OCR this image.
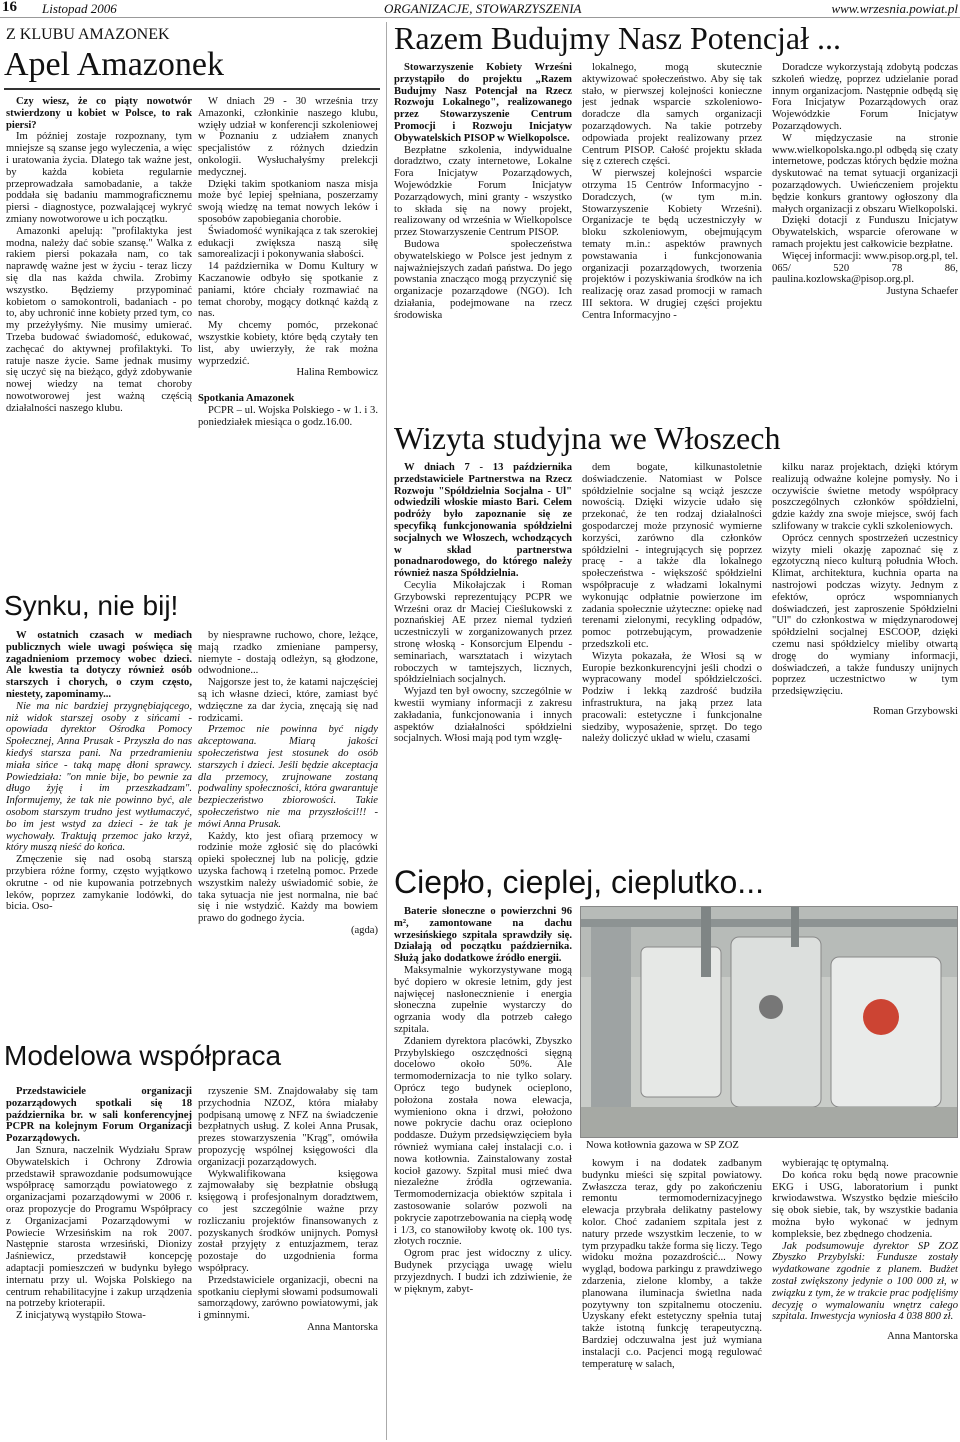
16 Listopad 2006	ORGANIZACJE, STOWARZYSZENIA	www.wrzesnia.powiat.pl
Z KLUBU AMAZONEK
Apel Amazonek

Czy wiesz, że co piąty nowotwór stwierdzony u kobiet w Polsce, to rak piersi?

Im później zostaje rozpoznany, tym mniejsze są szanse jego wyleczenia, a więc i uratowania życia. Dlatego tak ważne jest, by każda kobieta regularnie przeprowadzała samobadanie, a także poddała się badaniu mammograficznemu piersi - diagnostyce, pozwalającej wykryć zmiany nowotworowe u ich początku.

Amazonki apelują: "profilaktyka jest modna, należy dać sobie szansę." Walka z rakiem piersi pokazała nam, co tak naprawdę ważne jest w życiu - teraz liczy się dla nas każda chwila. Zrobimy wszystko. Będziemy przypominać kobietom o samokontroli, badaniach - po to, aby uchronić inne kobiety przed tym, co my przeżyłyśmy. Nie musimy umierać. Trzeba budować świadomość, edukować, zachęcać do aktywnej profilaktyki. To ratuje nasze życie. Same jednak musimy się uczyć się na bieżąco, gdyż zdobywanie nowej wiedzy na temat choroby nowotworowej jest ważną częścią działalności naszego klubu.

W dniach 29 - 30 września trzy Amazonki, członkinie naszego klubu, wzięły udział w konferencji szkoleniowej w Poznaniu z udziałem znanych specjalistów z różnych dziedzin onkologii. Wysłuchałyśmy prelekcji medycznej.

Dzięki takim spotkaniom nasza misja może być lepiej spełniana, poszerzamy swoją wiedzę na temat nowych leków i sposobów zapobiegania chorobie.

Świadomość wynikająca z tak szerokiej edukacji zwiększa naszą siłę samorealizacji i pokonywania słabości.

14 października w Domu Kultury w Kaczanowie odbyło się spotkanie z paniami, które chciały rozmawiać na temat choroby, mogący dotknąć każdą z nas.

My chcemy pomóc, przekonać wszystkie kobiety, które będą czytały ten list, aby uwierzyły, że rak można wyprzedzić.

Halina Rembowicz

Spotkania Amazonek

PCPR – ul. Wojska Polskiego - w 1. i 3. poniedziałek miesiąca o godz.16.00.

Synku, nie bij!

W ostatnich czasach w mediach publicznych wiele uwagi poświęca się zagadnieniom przemocy wobec dzieci. Ale kwestia ta dotyczy również osób starszych i chorych, o czym często, niestety, zapominamy...

Nie ma nic bardziej przygnębiającego, niż widok starszej osoby z sińcami - opowiada dyrektor Ośrodka Pomocy Społecznej, Anna Prusak - Przyszła do nas kiedyś starsza pani. Na przedramieniu miała sińce - taką mapę dłoni sprawcy. Powiedziała: "on mnie bije, bo pewnie za długo żyję i im przeszkadzam". Informujemy, że tak nie powinno być, ale osobom starszym trudno jest wytłumaczyć, bo im jest wstyd za dzieci - że tak je wychowały. Traktują przemoc jako krzyż, który muszą nieść do końca.

Zmęczenie się nad osobą starszą przybiera różne formy, często wyjątkowo okrutne - od nie kupowania potrzebnych leków, poprzez zamykanie lodówki, do bicia. Oso-

by niesprawne ruchowo, chore, leżące, mają rzadko zmieniane pampersy, niemyte - dostają odleżyn, są głodzone, odwodnione...

Najgorsze jest to, że katami najczęściej są ich własne dzieci, które, zamiast być wdzięczne za dar życia, znęcają się nad rodzicami.

Przemoc nie powinna być nigdy akceptowana. Miarą jakości społeczeństwa jest stosunek do osób starszych i dzieci. Jeśli będzie akceptacja dla przemocy, zrujnowane zostaną podwaliny społeczności, która gwarantuje bezpieczeństwo zbiorowości. Takie społeczeństwo nie ma przyszłości!!! - mówi Anna Prusak.

Każdy, kto jest ofiarą przemocy w rodzinie może zgłosić się do placówki opieki społecznej lub na policję, gdzie uzyska fachową i rzetelną pomoc. Przede wszystkim należy uświadomić sobie, że taka sytuacja nie jest normalna, nie bać się i nie wstydzić. Każdy ma bowiem prawo do godnego życia.

(agda)

Modelowa współpraca

Przedstawiciele organizacji pozarządowych spotkali się 18 października br. w sali konferencyjnej PCPR na kolejnym Forum Organizacji Pozarządowych.

Jan Sznura, naczelnik Wydziału Spraw Obywatelskich i Ochrony Zdrowia przedstawił sprawozdanie podsumowujące współpracę samorządu powiatowego z organizacjami pozarządowymi w 2006 r. oraz propozycje do Programu Współpracy z Organizacjami Pozarządowymi w Powiecie Wrzesińskim na rok 2007. Następnie starosta wrzesiński, Dionizy Jaśniewicz, przedstawił koncepcję adaptacji pomieszczeń w budynku byłego internatu przy ul. Wojska Polskiego na centrum rehabilitacyjne i zakup urządzenia na potrzeby krioterapii.

Z inicjatywą wystąpiło Stowa-

rzyszenie SM. Znajdowałaby się tam przychodnia NZOZ, która miałaby podpisaną umowę z NFZ na świadczenie bezpłatnych usług. Z kolei Anna Prusak, prezes stowarzyszenia "Krąg", omówiła propozycję wspólnej księgowości dla organizacji pozarządowych.

Wykwalifikowana księgowa zajmowałaby się bezpłatnie obsługą księgową i profesjonalnym doradztwem, co jest szczególnie ważne przy rozliczaniu projektów finansowanych z pozyskanych środków unijnych. Pomysł został przyjęty z entuzjazmem, teraz pozostaje do uzgodnienia forma współpracy.

Przedstawiciele organizacji, obecni na spotkaniu ciepłymi słowami podsumowali samorządowy, zarówno powiatowymi, jak i gminnymi.

Anna Mantorska

Razem Budujmy Nasz Potencjał ...

Stowarzyszenie Kobiety Wrześni przystąpiło do projektu „Razem Budujmy Nasz Potencjał na Rzecz Rozwoju Lokalnego", realizowanego przez Stowarzyszenie Centrum Promocji i Rozwoju Inicjatyw Obywatelskich PISOP w Wielkopolsce.

Bezpłatne szkolenia, indywidualne doradztwo, czaty internetowe, Lokalne Fora Inicjatyw Pozarządowych, Wojewódzkie Forum Inicjatyw Pozarządowych, mini granty - wszystko to składa się na nowy projekt, realizowany od września w Wielkopolsce przez Stowarzyszenie Centrum PISOP.

Budowa społeczeństwa obywatelskiego w Polsce jest jednym z najważniejszych zadań państwa. Do jego powstania znacząco mogą przyczynić się organizacje pozarządowe (NGO). Ich działania, podejmowane na rzecz środowiska

lokalnego, mogą skutecznie aktywizować społeczeństwo. Aby się tak stało, w pierwszej kolejności konieczne jest jednak wsparcie szkoleniowo- doradcze dla samych organizacji pozarządowych. Na takie potrzeby odpowiada projekt realizowany przez Centrum PISOP. Całość projektu składa się z czterech części.

W pierwszej kolejności wsparcie otrzyma 15 Centrów Informacyjno - Doradczych, (w tym m.in. Stowarzyszenie Kobiety Wrześni). Organizacje te będą uczestniczyły w bloku szkoleniowym, obejmującym tematy m.in.: aspektów prawnych powstawania i funkcjonowania organizacji pozarządowych, tworzenia projektów i pozyskiwania środków na ich realizację oraz zasad promocji w ramach III sektora. W drugiej części projektu Centra Informacyjno -

Doradcze wykorzystają zdobytą podczas szkoleń wiedzę, poprzez udzielanie porad innym organizacjom. Następnie odbędą się Fora Inicjatyw Pozarządowych oraz Wojewódzkie Forum Inicjatyw Pozarządowych.

W międzyczasie na stronie www.wielkopolska.ngo.pl odbędą się czaty internetowe, podczas których będzie można dyskutować na temat sytuacji organizacji pozarządowych. Uwieńczeniem projektu będzie konkurs grantowy ogłoszony dla małych organizacji z obszaru Wielkopolski.

Dzięki dotacji z Funduszu Inicjatyw Obywatelskich, wsparcie oferowane w ramach projektu jest całkowicie bezpłatne.

Więcej informacji: www.pisop.org.pl, tel. 065/ 520 78 86, paulina.kozlowska@pisop.org.pl.

Justyna Schaefer

Wizyta studyjna we Włoszech

W dniach 7 - 13 października przedstawiciele Partnerstwa na Rzecz Rozwoju "Spółdzielnia Socjalna - Ul" odwiedzili włoskie miasto Bari. Celem podróży było zapoznanie się ze specyfiką funkcjonowania spółdzielni socjalnych we Włoszech, wchodzących w skład partnerstwa ponadnarodowego, do którego należy również nasza Spółdzielnia.

Cecylia Mikołajczak i Roman Grzybowski reprezentujący PCPR we Wrześni oraz dr Maciej Cieślukowski z poznańskiej AE przez niemal tydzień uczestniczyli w zorganizowanych przez stronę włoską - Konsorcjum Elpendu - seminariach, warsztatach i wizytach roboczych w tamtejszych, licznych, spółdzielniach socjalnych.

Wyjazd ten był owocny, szczególnie w kwestii wymiany informacji z zakresu zakładania, funkcjonowania i innych aspektów działalności spółdzielni socjalnych. Włosi mają pod tym wzglę-

dem bogate, kilkunastoletnie doświadczenie. Natomiast w Polsce spółdzielnie socjalne są wciąż jeszcze nowością. Dzięki wizycie udało się przekonać, że ten rodzaj działalności gospodarczej może przynosić wymierne korzyści, zarówno dla członków spółdzielni - integrujących się poprzez pracę - a także dla lokalnego społeczeństwa - większość spółdzielni współpracuje z władzami lokalnymi wykonując odpłatnie powierzone im zadania społecznie użyteczne: opiekę nad terenami zielonymi, recykling odpadów, pomoc potrzebującym, prowadzenie przedszkoli etc.

Wizyta pokazała, że Włosi są w Europie bezkonkurencyjni jeśli chodzi o wypracowany model spółdzielczości. Podziw i lekką zazdrość budziła infrastruktura, na jaką przez lata pracowali: estetyczne i funkcjonalne siedziby, wyposażenie, sprzęt. Do tego należy doliczyć układ w wielu, czasami

kilku naraz projektach, dzięki którym realizują odważne kolejne pomysły. No i oczywiście świetne metody współpracy poszczególnych członków spółdzielni, gdzie każdy zna swoje miejsce, swój fach szlifowany w trakcie cykli szkoleniowych.

Oprócz cennych spostrzeżeń uczestnicy wizyty mieli okazję zapoznać się z egzotyczną nieco kulturą południa Włoch. Klimat, architektura, kuchnia oparta na nastrojowi podczas wizyty. Jednym z efektów, oprócz wspomnianych doświadczeń, jest zaproszenie Spółdzielni "Ul" do członkostwa w międzynarodowej spółdzielni socjalnej ESCOOP, dzięki czemu nasi spółdzielcy mieliby otwartą drogę do wymiany informacji, doświadczeń, a także funduszy unijnych poprzez uczestnictwo w tym przedsięwzięciu.

Roman Grzybowski

Ciepło, cieplej, cieplutko...
Nowa kotłownia gazowa w SP ZOZ

Baterie słoneczne o powierzchni 96 m², zamontowane na dachu wrzesińskiego szpitala sprawdziły się. Działają od początku października. Służą jako dodatkowe źródło energii.

Maksymalnie wykorzystywane mogą być dopiero w okresie letnim, gdy jest najwięcej nasłonecznienie i energia słoneczna zupełnie wystarczy do ogrzania wody dla potrzeb całego szpitala.

Zdaniem dyrektora placówki, Zbyszko Przybylskiego oszczędności sięgną docelowo około 50%. Ale termomodernizacja to nie tylko solary. Oprócz tego budynek ocieplono, położona została nowa elewacja, wymieniono okna i drzwi, położono nowe pokrycie dachu oraz ocieplono poddasze. Dużym przedsięwzięciem była również wymiana całej instalacji c.o. i nowa kotłownia. Zainstalowany został kocioł gazowy. Szpital musi mieć dwa niezależne źródła ogrzewania. Termomodernizacja obiektów szpitala i zastosowanie solarów pozwoli na pokrycie zapotrzebowania na ciepłą wodę i 1/3, co stanowiłoby kwotę ok. 100 tys. złotych rocznie.

Ogrom prac jest widoczny z ulicy. Budynek przyciąga uwagę wielu przyjezdnych. I budzi ich zdziwienie, że w pięknym, zabyt-

kowym i na dodatek zadbanym budynku mieści się szpital powiatowy. Zwłaszcza teraz, gdy po zakończeniu remontu termomodernizacyjnego elewacja przybrała delikatny pastelowy kolor. Choć zadaniem szpitala jest z natury przede wszystkim leczenie, to w tym przypadku także forma się liczy. Tego widoku można pozazdrościć... Nowy wygląd, bodowa parkingu z prawdziwego zdarzenia, zielone klomby, a także planowana iluminacja świetlna nada pozytywny ton szpitalnemu otoczeniu. Uzyskany efekt estetyczny spełnia tutaj także istotną funkcję terapeutyczną. Bardziej odczuwalna jest już wymiana instalacji c.o. Pacjenci mogą regulować temperaturę w salach,

wybierając tę optymalną.

Do końca roku będą nowe pracownie EKG i USG, laboratorium i punkt krwiodawstwa. Wszystko będzie mieściło się obok siebie, tak, by wszystkie badania można było wykonać w jednym kompleksie, bez zbędnego chodzenia.

Jak podsumowuje dyrektor SP ZOZ Zbyszko Przybylski: Fundusze zostały wydatkowane zgodnie z planem. Budżet został zwiększony jedynie o 100 000 zł, w związku z tym, że w trakcie prac podjęliśmy decyzję o wymalowaniu wnętrz całego szpitala. Inwestycja wyniosła 4 038 800 zł.

Anna Mantorska
